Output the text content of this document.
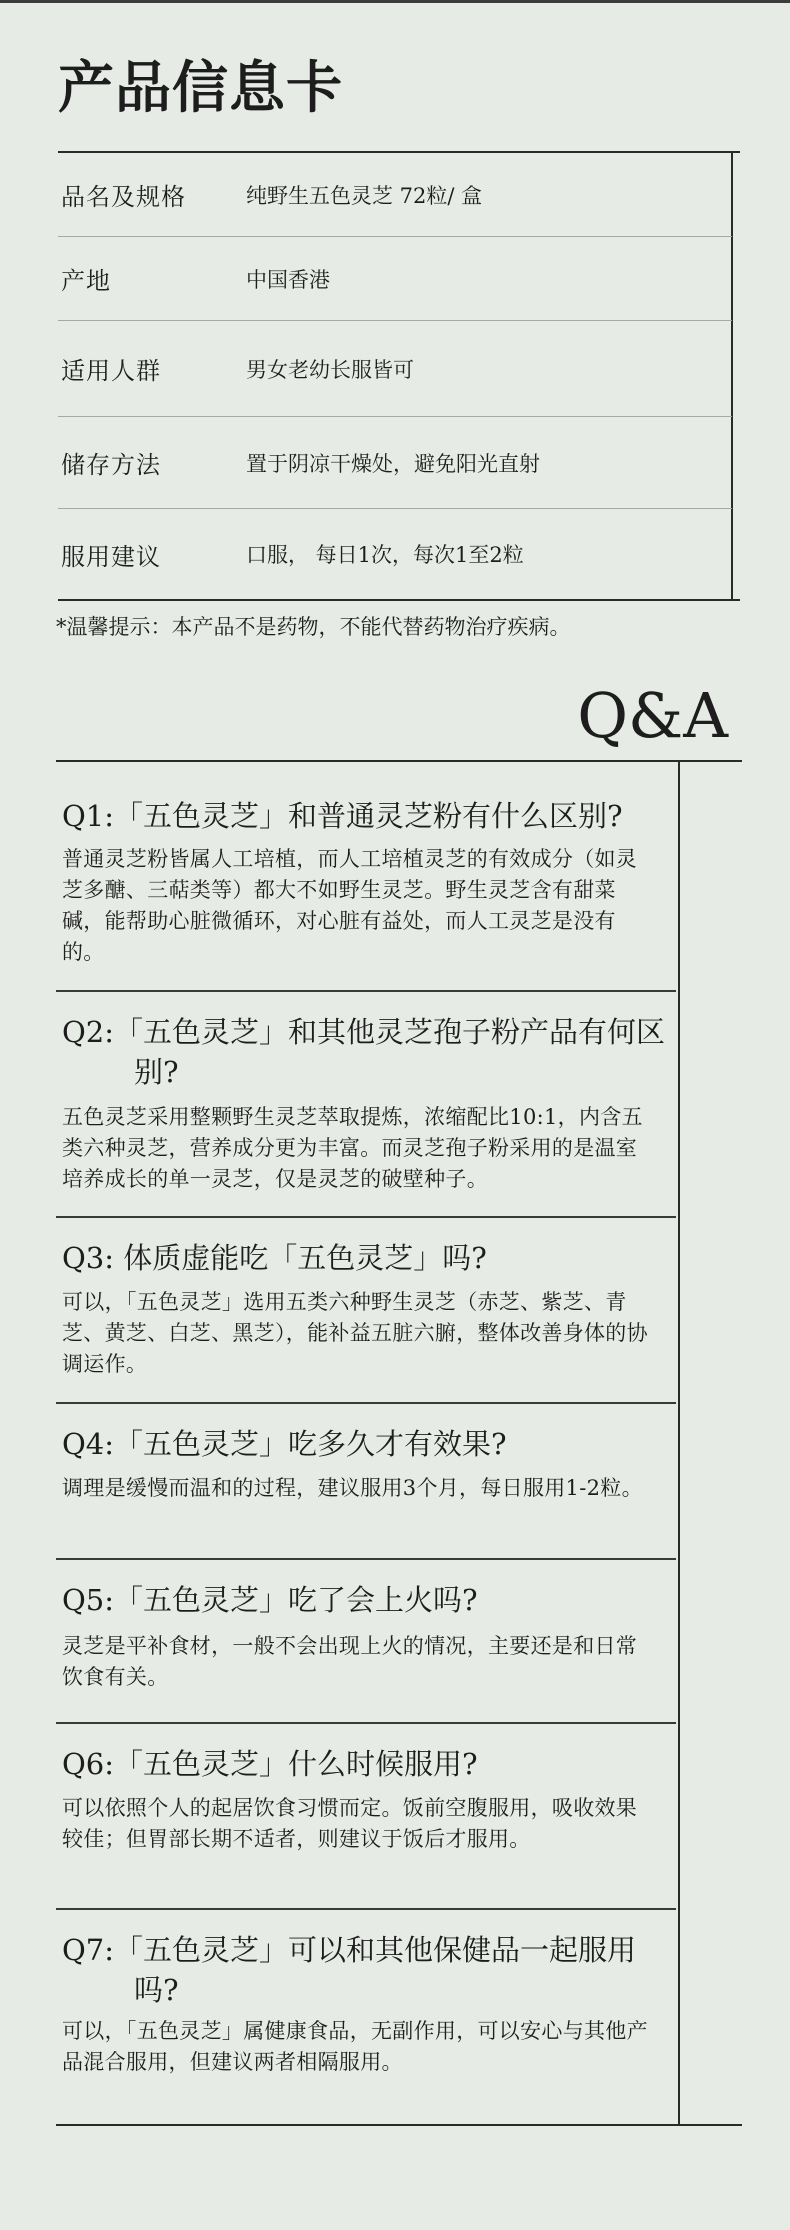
产品信息卡
品名及规格	纯野生五色灵芝 72粒/ 盒
产地	中国香港
适用人群	男女老幼长服皆可
储存方法	置于阴凉干燥处，避免阳光直射
服用建议	口服， 每日1次，每次1至2粒
*温馨提示：本产品不是药物，不能代替药物治疗疾病。
Q&A
Q1:「五色灵芝」和普通灵芝粉有什么区别?

普通灵芝粉皆属人工培植，而人工培植灵芝的有效成分（如灵芝多醣、三萜类等）都大不如野生灵芝。野生灵芝含有甜菜碱，能帮助心脏微循环，对心脏有益处，而人工灵芝是没有的。

Q2:「五色灵芝」和其他灵芝孢子粉产品有何区别?

五色灵芝采用整颗野生灵芝萃取提炼，浓缩配比10:1，内含五类六种灵芝，营养成分更为丰富。而灵芝孢子粉采用的是温室培养成长的单一灵芝，仅是灵芝的破壁种子。

Q3: 体质虚能吃「五色灵芝」吗?

可以，「五色灵芝」选用五类六种野生灵芝（赤芝、紫芝、青芝、黄芝、白芝、黑芝），能补益五脏六腑，整体改善身体的协调运作。

Q4:「五色灵芝」吃多久才有效果?

调理是缓慢而温和的过程，建议服用3个月，每日服用1-2粒。

Q5:「五色灵芝」吃了会上火吗?

灵芝是平补食材，一般不会出现上火的情况，主要还是和日常饮食有关。

Q6:「五色灵芝」什么时候服用?

可以依照个人的起居饮食习惯而定。饭前空腹服用，吸收效果较佳；但胃部长期不适者，则建议于饭后才服用。

Q7:「五色灵芝」可以和其他保健品一起服用吗?

可以，「五色灵芝」属健康食品，无副作用，可以安心与其他产品混合服用，但建议两者相隔服用。
